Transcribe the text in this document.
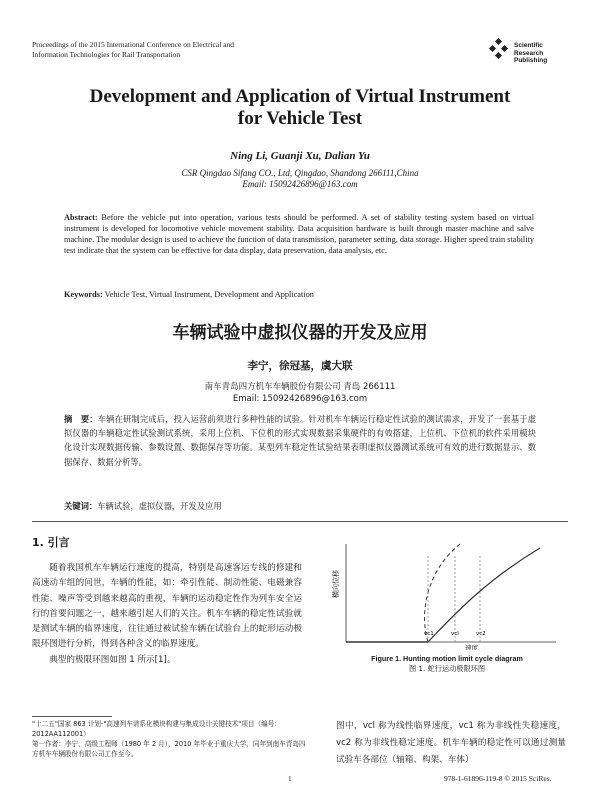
Proceedings of the 2015 International Conference on Electrical and
Information Technologies for Rail Transportation
Scientific
Research
Publishing
Development and Application of Virtual Instrument
for Vehicle Test
Ning Li, Guanji Xu, Dalian Yu
CSR Qingdao Sifang CO., Ltd, Qingdao, Shandong 266111,China
Email: 15092426896@163.com
Abstract: Before the vehicle put into operation, various tests should be performed. A set of stability testing system based on virtual instrument is developed for locomotive vehicle movement stability. Data acquisition hardware is built through master machine and salve machine. The modular design is used to achieve the function of data transmission, parameter setting, data storage. Higher speed train stability test indicate that the system can be effective for data display, data preservation, data analysis, etc.
Keywords: Vehicle Test, Virtual Instrument, Development and Application
车辆试验中虚拟仪器的开发及应用
李宁，徐冠基，虞大联
南车青岛四方机车车辆股份有限公司 青岛 266111
Email: 15092426896@163.com
摘　要：车辆在研制完成后，投入运营前须进行多种性能的试验。针对机车车辆运行稳定性试验的测试需求，开发了一套基于虚拟仪器的车辆稳定性试验测试系统，采用上位机、下位机的形式实现数据采集硬件的有效搭建，上位机、下位机的软件采用模块化设计实现数据传输、参数设置、数据保存等功能。某型列车稳定性试验结果表明虚拟仪器测试系统可有效的进行数据显示、数据保存、数据分析等。
关键词：车辆试验，虚拟仪器，开发及应用
1. 引言

随着我国机车车辆运行速度的提高，特别是高速客运专线的修建和高速动车组的问世，车辆的性能，如：牵引性能、制动性能、电磁兼容性能、噪声等受到越来越高的重视，车辆的运动稳定性作为列车安全运行的首要问题之一，越来越引起人们的关注。机车车辆的稳定性试验就是测试车辆的临界速度，往往通过被试验车辆在试验台上的蛇形运动极限环图进行分析，得到各种含义的临界速度。

典型的极限环图如图 1 所示[1]。

横向位移
速度
vc1	vcl	vc2
Figure 1. Hunting motion limit cycle diagram
图 1. 蛇行运动极限环图
图中，vcl 称为线性临界速度，vc1 称为非线性失稳速度，vc2 称为非线性稳定速度。机车车辆的稳定性可以通过测量试验车各部位（轴箱、构架、车体）
"十二五"国家 863 计划-"高速列车谱系化模块构建与集成设计关键技术"项目（编号：2012AA112001）
第一作者：李宁，高级工程师（1980 年 2 月），2010 年毕业于重庆大学，同年到南车青岛四方机车车辆股份有限公司工作至今。
1	978-1-61896-119-8 © 2015 SciRes.
